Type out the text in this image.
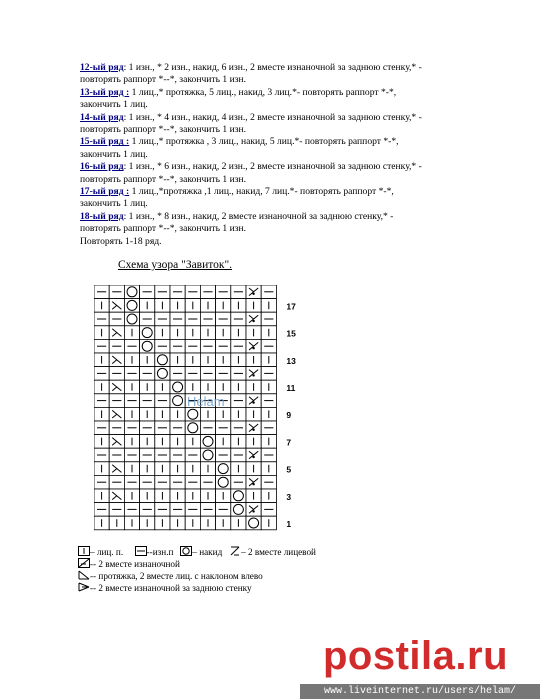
12-ый ряд: 1 изн., * 2 изн., накид, 6 изн., 2 вместе изнаночной за заднюю стенку,* -
повторять раппорт *--*, закончить 1 изн.
13-ый ряд : 1 лиц.,* протяжка, 5 лиц., накид, 3 лиц.*- повторять раппорт *-*,
закончить 1 лиц.
14-ый ряд: 1 изн., * 4 изн., накид, 4 изн., 2 вместе изнаночной за заднюю стенку,* -
повторять раппорт *--*, закончить 1 изн.
15-ый ряд : 1 лиц.,* протяжка , 3 лиц., накид, 5 лиц.*- повторять раппорт *-*,
закончить 1 лиц.
16-ый ряд: 1 изн., * 6 изн., накид, 2 изн., 2 вместе изнаночной за заднюю стенку,* -
повторять раппорт *--*, закончить 1 изн.
17-ый ряд : 1 лиц.,*протяжка ,1 лиц., накид, 7 лиц.*- повторять раппорт *-*,
закончить 1 лиц.
18-ый ряд: 1 изн., * 8 изн., накид, 2 вместе изнаночной за заднюю стенку,* -
повторять раппорт *--*, закончить 1 изн.
Повторять 1-18 ряд.
Схема узора "Завиток".
17
15
13
11
9
7
5
3
1
Helam
– лиц. п.	--изн.п – накид – 2 вместе лицевой
-- 2 вместе изнаночной
-- протяжка, 2 вместе лиц. с наклоном влево
-- 2 вместе изнаночной за заднюю стенку
postila.ru
www.liveinternet.ru/users/helam/
